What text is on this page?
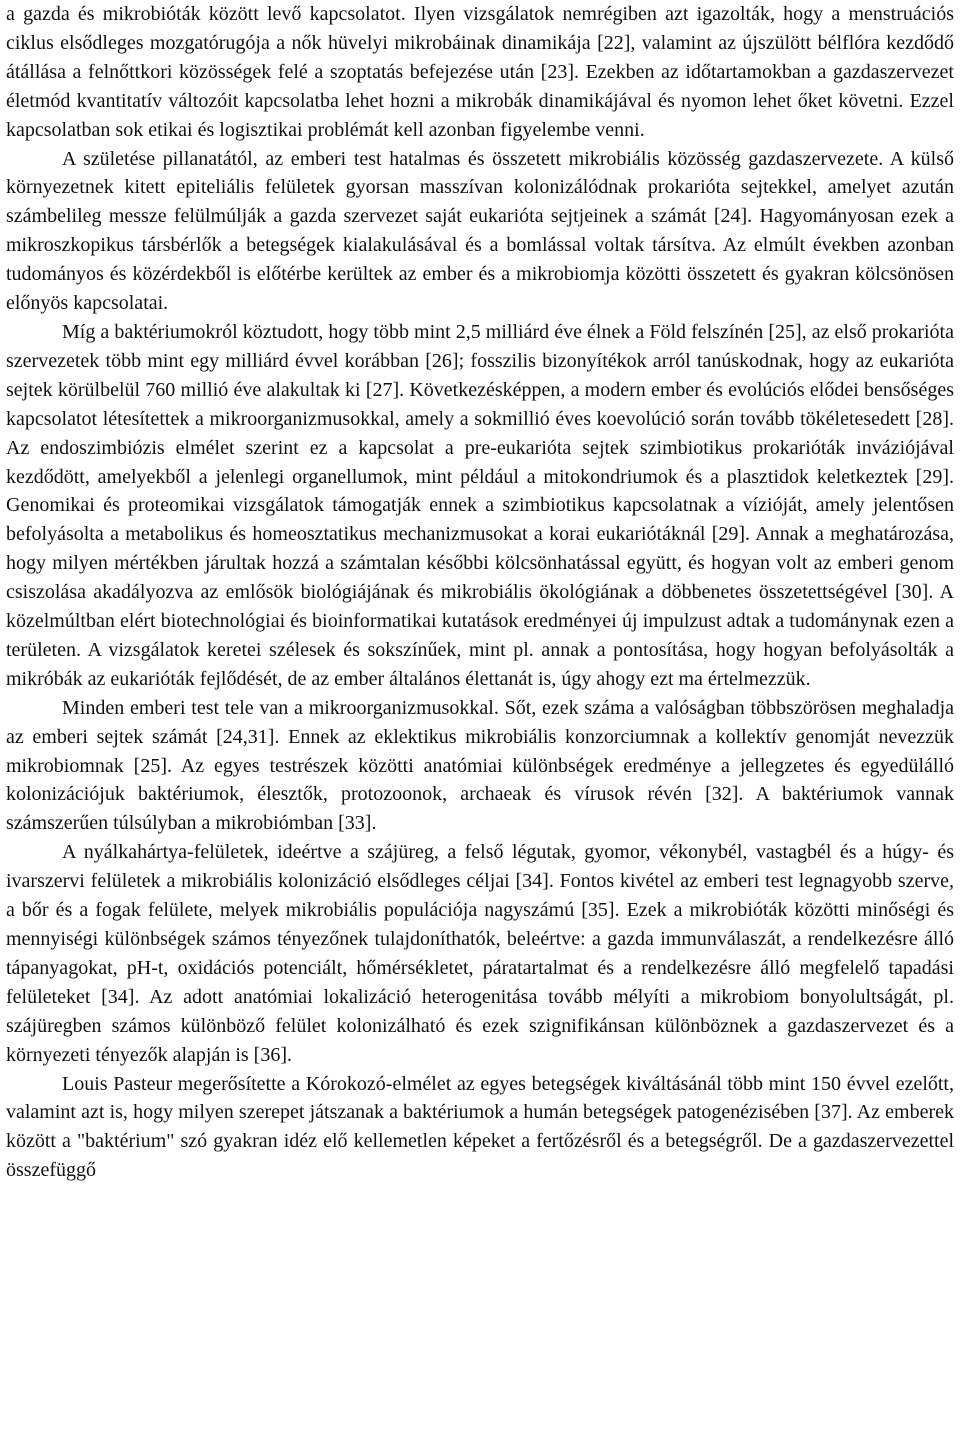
a gazda és mikrobióták között levő kapcsolatot. Ilyen vizsgálatok nemrégiben azt igazolták, hogy a menstruációs ciklus elsődleges mozgatórugója a nők hüvelyi mikrobáinak dinamikája [22], valamint az újszülött bélflóra kezdődő átállása a felnőttkori közösségek felé a szoptatás befejezése után [23]. Ezekben az időtartamokban a gazdaszervezet életmód kvantitatív változóit kapcsolatba lehet hozni a mikrobák dinamikájával és nyomon lehet őket követni. Ezzel kapcsolatban sok etikai és logisztikai problémát kell azonban figyelembe venni.

A születése pillanatától, az emberi test hatalmas és összetett mikrobiális közösség gazdaszervezete. A külső környezetnek kitett epiteliális felületek gyorsan masszívan kolonizálódnak prokarióta sejtekkel, amelyet azután számbelileg messze felülmúlják a gazda szervezet saját eukarióta sejtjeinek a számát [24]. Hagyományosan ezek a mikroszkopikus társbérlők a betegségek kialakulásával és a bomlással voltak társítva. Az elmúlt években azonban tudományos és közérdekből is előtérbe kerültek az ember és a mikrobiomja közötti összetett és gyakran kölcsönösen előnyös kapcsolatai.

Míg a baktériumokról köztudott, hogy több mint 2,5 milliárd éve élnek a Föld felszínén [25], az első prokarióta szervezetek több mint egy milliárd évvel korábban [26]; fosszilis bizonyítékok arról tanúskodnak, hogy az eukarióta sejtek körülbelül 760 millió éve alakultak ki [27]. Következésképpen, a modern ember és evolúciós elődei bensőséges kapcsolatot létesítettek a mikroorganizmusokkal, amely a sokmillió éves koevolúció során tovább tökéletesedett [28]. Az endoszimbiózis elmélet szerint ez a kapcsolat a pre-eukarióta sejtek szimbiotikus prokarióták inváziójával kezdődött, amelyekből a jelenlegi organellumok, mint például a mitokondriumok és a plasztidok keletkeztek [29]. Genomikai és proteomikai vizsgálatok támogatják ennek a szimbiotikus kapcsolatnak a vízióját, amely jelentősen befolyásolta a metabolikus és homeosztatikus mechanizmusokat a korai eukariótáknál [29]. Annak a meghatározása, hogy milyen mértékben járultak hozzá a számtalan későbbi kölcsönhatással együtt, és hogyan volt az emberi genom csiszolása akadályozva az emlősök biológiájának és mikrobiális ökológiának a döbbenetes összetettségével [30]. A közelmúltban elért biotechnológiai és bioinformatikai kutatások eredményei új impulzust adtak a tudománynak ezen a területen. A vizsgálatok keretei szélesek és sokszínűek, mint pl. annak a pontosítása, hogy hogyan befolyásolták a mikróbák az eukarióták fejlődését, de az ember általános élettanát is, úgy ahogy ezt ma értelmezzük.

Minden emberi test tele van a mikroorganizmusokkal. Sőt, ezek száma a valóságban többszörösen meghaladja az emberi sejtek számát [24,31]. Ennek az eklektikus mikrobiális konzorciumnak a kollektív genomját nevezzük mikrobiomnak [25]. Az egyes testrészek közötti anatómiai különbségek eredménye a jellegzetes és egyedülálló kolonizációjuk baktériumok, élesztők, protozoonok, archaeak és vírusok révén [32]. A baktériumok vannak számszerűen túlsúlyban a mikrobiómban [33].

A nyálkahártya-felületek, ideértve a szájüreg, a felső légutak, gyomor, vékonybél, vastagbél és a húgy- és ivarszervi felületek a mikrobiális kolonizáció elsődleges céljai [34]. Fontos kivétel az emberi test legnagyobb szerve, a bőr és a fogak felülete, melyek mikrobiális populációja nagyszámú [35]. Ezek a mikrobióták közötti minőségi és mennyiségi különbségek számos tényezőnek tulajdoníthatók, beleértve: a gazda immunválaszát, a rendelkezésre álló tápanyagokat, pH-t, oxidációs potenciált, hőmérsékletet, páratartalmat és a rendelkezésre álló megfelelő tapadási felületeket [34]. Az adott anatómiai lokalizáció heterogenitása tovább mélyíti a mikrobiom bonyolultságát, pl. szájüregben számos különböző felület kolonizálható és ezek szignifikánsan különböznek a gazdaszervezet és a környezeti tényezők alapján is [36].

Louis Pasteur megerősítette a Kórokozó-elmélet az egyes betegségek kiváltásánál több mint 150 évvel ezelőtt, valamint azt is, hogy milyen szerepet játszanak a baktériumok a humán betegségek patogenézisében [37]. Az emberek között a "baktérium" szó gyakran idéz elő kellemetlen képeket a fertőzésről és a betegségről. De a gazdaszervezettel összefüggő
